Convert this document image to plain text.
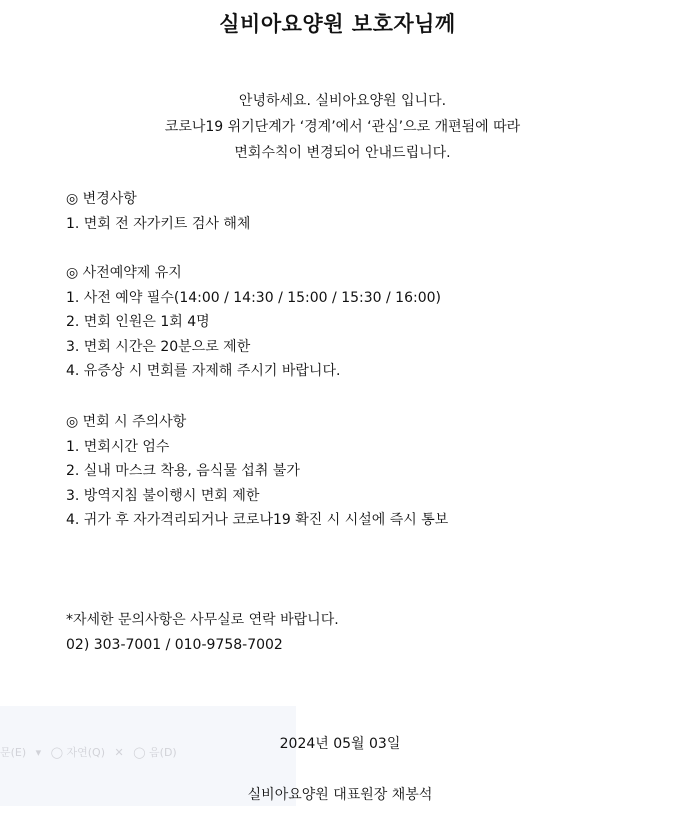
실비아요양원 보호자님께
안녕하세요. 실비아요양원 입니다.
코로나19 위기단계가 ‘경계’에서 ‘관심’으로 개편됨에 따라
면회수칙이 변경되어 안내드립니다.
◎ 변경사항
1. 면회 전 자가키트 검사 해체
◎ 사전예약제 유지
1. 사전 예약 필수(14:00 / 14:30 / 15:00 / 15:30 / 16:00)
2. 면회 인원은 1회 4명
3. 면회 시간은 20분으로 제한
4. 유증상 시 면회를 자제해 주시기 바랍니다.
◎ 면회 시 주의사항
1. 면회시간 엄수
2. 실내 마스크 착용, 음식물 섭취 불가
3. 방역지침 불이행시 면회 제한
4. 귀가 후 자가격리되거나 코로나19 확진 시 시설에 즉시 통보
*자세한 문의사항은 사무실로 연락 바랍니다.
02) 303-7001 / 010-9758-7002
문(E) ▾ ◯ 자연(Q) ✕ ◯ 음(D)
2024년 05월 03일
실비아요양원 대표원장 채봉석
